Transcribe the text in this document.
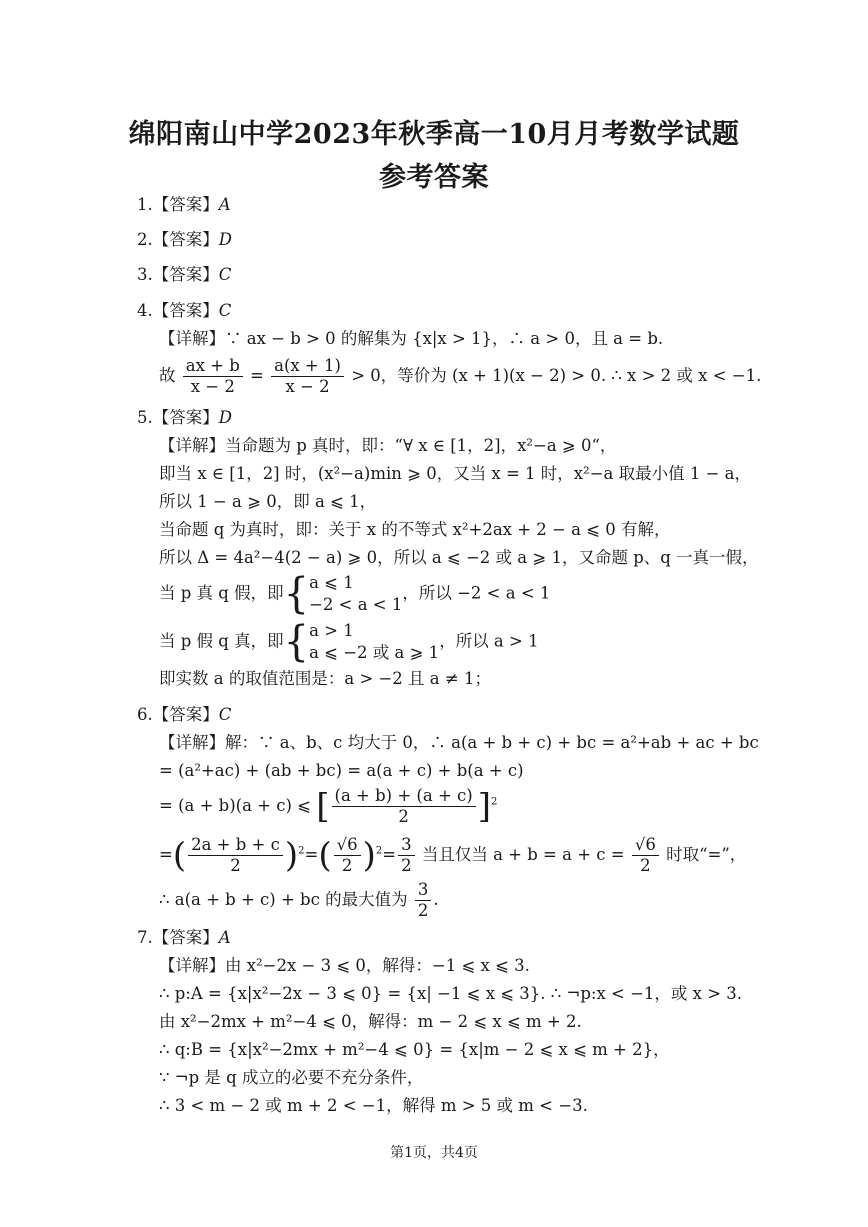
绵阳南山中学2023年秋季高一10月月考数学试题
参考答案
1.【答案】A
2.【答案】D
3.【答案】C
4.【答案】C
【详解】∵ ax − b > 0 的解集为 {x|x > 1}，∴ a > 0，且 a = b.
故 $\frac{ax + b}{x - 2} = \frac{a(x + 1)}{x - 2} > 0$，等价为 (x + 1)(x − 2) > 0. ∴ x > 2 或 x < −1.
5.【答案】D
【详解】当命题为 p 真时，即：“∀ x ∈ [1，2]，x²−a ⩾ 0“，
即当 x ∈ [1，2] 时，(x²−a)min ⩾ 0，又当 x = 1 时，x²−a 取最小值 1 − a，
所以 1 − a ⩾ 0，即 a ⩽ 1，
当命题 q 为真时，即：关于 x 的不等式 x²+2ax + 2 − a ⩽ 0 有解，
所以 Δ = 4a²−4(2 − a) ⩾ 0，所以 a ⩽ −2 或 a ⩾ 1，又命题 p、q 一真一假，
当 p 真 q 假，即{ a ⩽ 1
−2 < a < 1
，所以 −2 < a < 1
当 p 假 q 真，即{ a > 1
a ⩽ −2 或 a ⩾ 1
，所以 a > 1
即实数 a 的取值范围是：a > −2 且 a ≠ 1；
6.【答案】C
【详解】解：∵ a、b、c 均大于 0，∴ a(a + b + c) + bc = a²+ab + ac + bc
= (a²+ac) + (ab + bc) = a(a + c) + b(a + c)
= (a + b)(a + c) ⩽ [ $\frac{(a + b) + (a + c)}{2} ]^2$
=( $\frac{2a + b + c}{2} )^2=( \frac{√6}{2} )^2= \frac{3}{2}$ 当且仅当 $a + b = a + c = \frac{√6}{2}$ 时取“=”，
∴ a(a + b + c) + bc 的最大值为 $\frac{3}{2}$ .
7.【答案】A
【详解】由 x²−2x − 3 ⩽ 0，解得：−1 ⩽ x ⩽ 3.
∴ p:A = {x|x²−2x − 3 ⩽ 0} = {x| −1 ⩽ x ⩽ 3}. ∴ ¬p:x < −1，或 x > 3.
由 x²−2mx + m²−4 ⩽ 0，解得：m − 2 ⩽ x ⩽ m + 2.
∴ q:B = {x|x²−2mx + m²−4 ⩽ 0} = {x|m − 2 ⩽ x ⩽ m + 2}，
∵ ¬p 是 q 成立的必要不充分条件，
∴ 3 < m − 2 或 m + 2 < −1，解得 m > 5 或 m < −3.
第1页，共4页
